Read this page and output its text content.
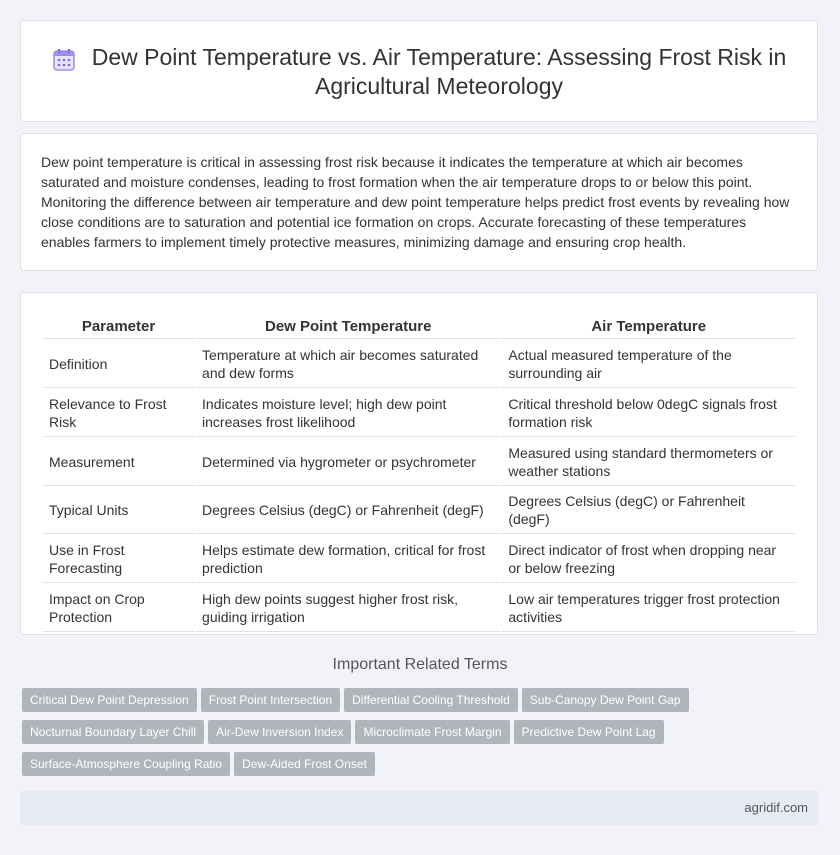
Dew Point Temperature vs. Air Temperature: Assessing Frost Risk in Agricultural Meteorology

Dew point temperature is critical in assessing frost risk because it indicates the temperature at which air becomes saturated and moisture condenses, leading to frost formation when the air temperature drops to or below this point. Monitoring the difference between air temperature and dew point temperature helps predict frost events by revealing how close conditions are to saturation and potential ice formation on crops. Accurate forecasting of these temperatures enables farmers to implement timely protective measures, minimizing damage and ensuring crop health.

Parameter	Dew Point Temperature	Air Temperature
Definition	Temperature at which air becomes saturated and dew forms	Actual measured temperature of the surrounding air
Relevance to Frost Risk	Indicates moisture level; high dew point increases frost likelihood	Critical threshold below 0degC signals frost formation risk
Measurement	Determined via hygrometer or psychrometer	Measured using standard thermometers or weather stations
Typical Units	Degrees Celsius (degC) or Fahrenheit (degF)	Degrees Celsius (degC) or Fahrenheit (degF)
Use in Frost Forecasting	Helps estimate dew formation, critical for frost prediction	Direct indicator of frost when dropping near or below freezing
Impact on Crop Protection	High dew points suggest higher frost risk, guiding irrigation	Low air temperatures trigger frost protection activities
Important Related Terms
Critical Dew Point Depression Frost Point Intersection Differential Cooling Threshold Sub-Canopy Dew Point Gap
Nocturnal Boundary Layer Chill Air-Dew Inversion Index Microclimate Frost Margin Predictive Dew Point Lag
Surface-Atmosphere Coupling Ratio Dew-Aided Frost Onset
agridif.com
